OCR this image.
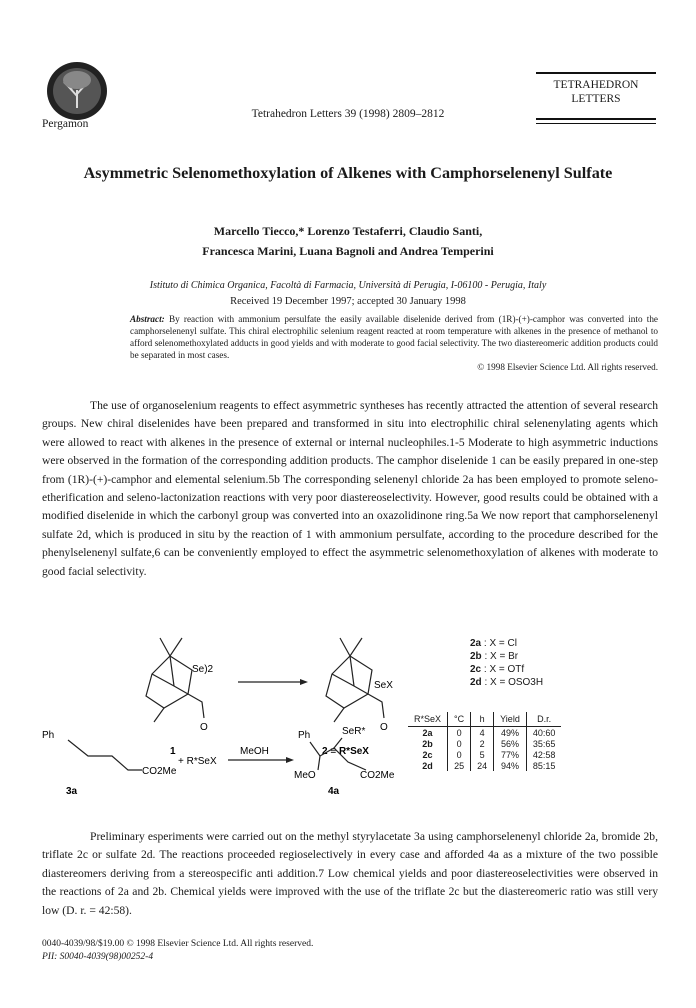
Pergamon
Tetrahedron Letters 39 (1998) 2809–2812
TETRAHEDRON
LETTERS
Asymmetric Selenomethoxylation of Alkenes with Camphorselenenyl Sulfate
Marcello Tiecco,* Lorenzo Testaferri, Claudio Santi,
Francesca Marini, Luana Bagnoli and Andrea Temperini
Istituto di Chimica Organica, Facoltà di Farmacia, Università di Perugia, I-06100 - Perugia, Italy
Received 19 December 1997; accepted 30 January 1998
Abstract: By reaction with ammonium persulfate the easily available diselenide derived from (1R)-(+)-camphor was converted into the camphorselenenyl sulfate. This chiral electrophilic selenium reagent reacted at room temperature with alkenes in the presence of methanol to afford selenomethoxylated adducts in good yields and with moderate to good facial selectivity. The two diastereomeric addition products could be separated in most cases.
© 1998 Elsevier Science Ltd. All rights reserved.

The use of organoselenium reagents to effect asymmetric syntheses has recently attracted the attention of several research groups. New chiral diselenides have been prepared and transformed in situ into electrophilic chiral selenenylating agents which were allowed to react with alkenes in the presence of external or internal nucleophiles.1-5 Moderate to high asymmetric inductions were observed in the formation of the corresponding addition products. The camphor diselenide 1 can be easily prepared in one-step from (1R)-(+)-camphor and elemental selenium.5b The corresponding selenenyl chloride 2a has been employed to promote seleno-etherification and seleno-lactonization reactions with very poor diastereoselectivity. However, good results could be obtained with a modified diselenide in which the carbonyl group was converted into an oxazolidinone ring.5a We now report that camphorselenenyl sulfate 2d, which is produced in situ by the reaction of 1 with ammonium persulfate, according to the procedure described for the phenylselenenyl sulfate,6 can be conveniently employed to effect the asymmetric selenomethoxylation of alkenes with moderate to good facial selectivity.

Se)2
O
SeX
O
1	2 ≡ R*SeX
Ph
CO2Me
3a
+ R*SeX
MeOH
Ph	SeR*
MeO	CO2Me
4a
2a : X = Cl
2b : X = Br
2c : X = OTf
2d : X = OSO3H
R*SeX	°C	h	Yield	D.r.
2a	0	4	49%	40:60
2b	0	2	56%	35:65
2c	0	5	77%	42:58
2d	25	24	94%	85:15

Preliminary esperiments were carried out on the methyl styrylacetate 3a using camphorselenenyl chloride 2a, bromide 2b, triflate 2c or sulfate 2d. The reactions proceeded regioselectively in every case and afforded 4a as a mixture of the two possible diastereomers deriving from a stereospecific anti addition.7 Low chemical yields and poor diastereoselectivities were observed in the reactions of 2a and 2b. Chemical yields were improved with the use of the triflate 2c but the diastereomeric ratio was still very low (D. r. = 42:58).

0040-4039/98/$19.00 © 1998 Elsevier Science Ltd. All rights reserved.
PII: S0040-4039(98)00252-4
